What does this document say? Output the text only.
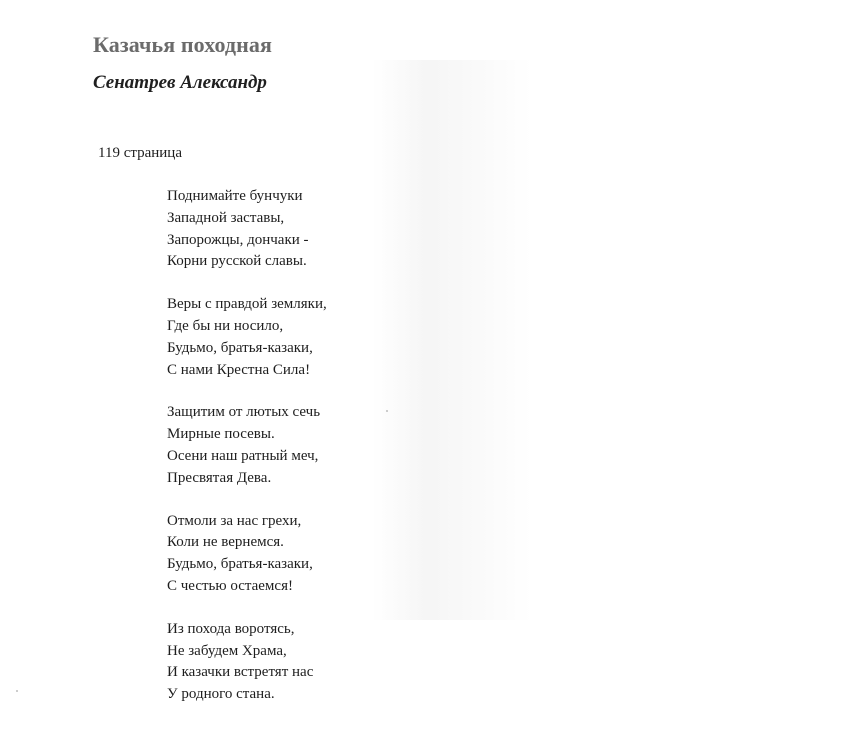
Казачья походная
Сенатрев Александр
119 страница
Поднимайте бунчуки
Западной заставы,
Запорожцы, дончаки -
Корни русской славы.
Веры с правдой земляки,
Где бы ни носило,
Будьмо, братья-казаки,
С нами Крестна Сила!
Защитим от лютых сечь
Мирные посевы.
Осени наш ратный меч,
Пресвятая Дева.
Отмоли за нас грехи,
Коли не вернемся.
Будьмо, братья-казаки,
С честью остаемся!
Из похода воротясь,
Не забудем Храма,
И казачки встретят нас
У родного стана.
